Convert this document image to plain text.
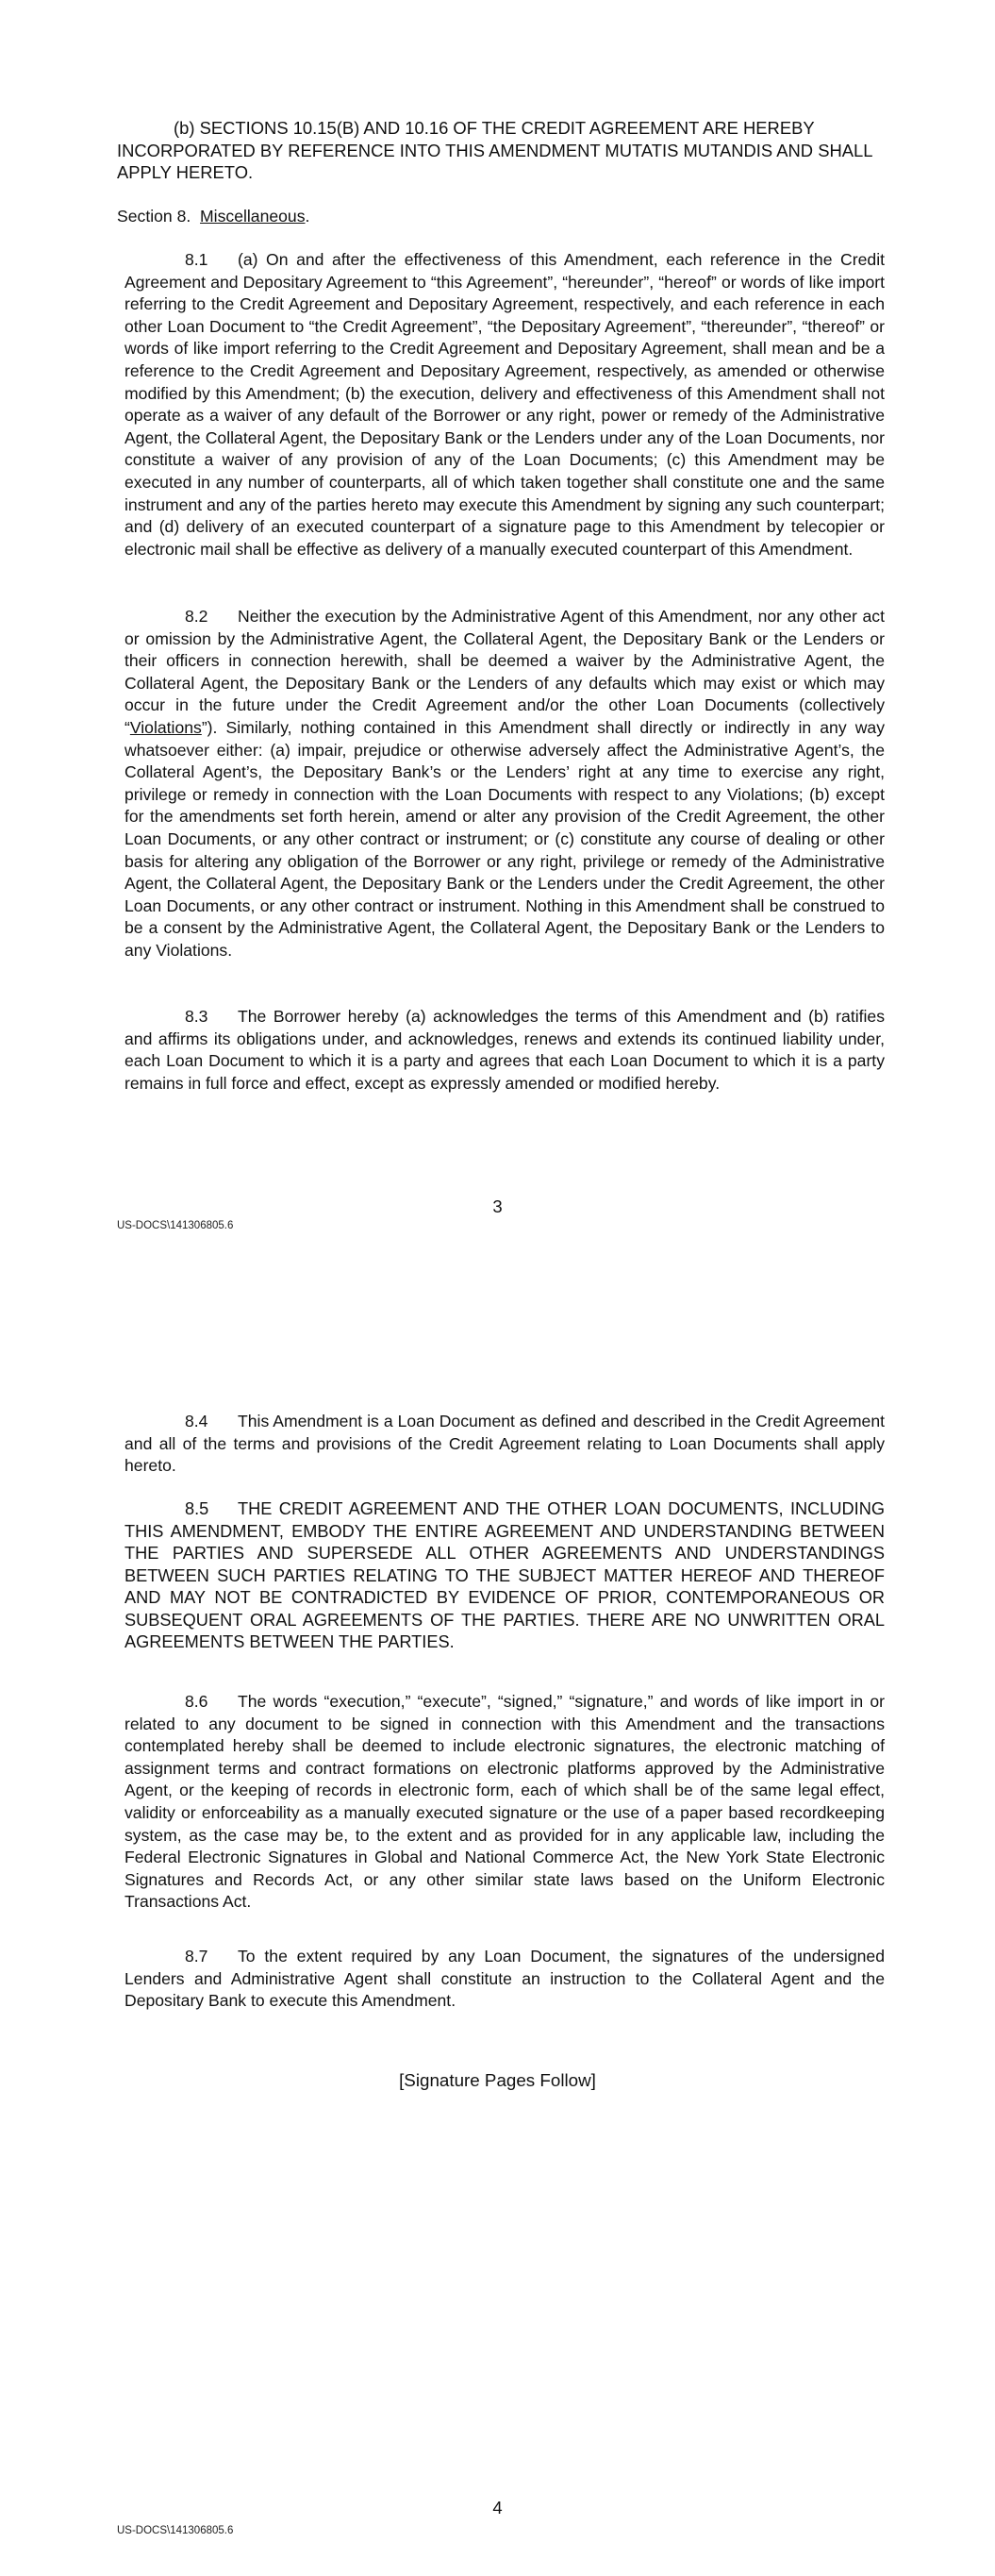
(b) SECTIONS 10.15(B) AND 10.16 OF THE CREDIT AGREEMENT ARE HEREBY INCORPORATED BY REFERENCE INTO THIS AMENDMENT MUTATIS MUTANDIS AND SHALL APPLY HERETO.

Section 8. Miscellaneous.

8.1 (a) On and after the effectiveness of this Amendment, each reference in the Credit Agreement and Depositary Agreement to “this Agreement”, “hereunder”, “hereof” or words of like import referring to the Credit Agreement and Depositary Agreement, respectively, and each reference in each other Loan Document to “the Credit Agreement”, “the Depositary Agreement”, “thereunder”, “thereof” or words of like import referring to the Credit Agreement and Depositary Agreement, shall mean and be a reference to the Credit Agreement and Depositary Agreement, respectively, as amended or otherwise modified by this Amendment; (b) the execution, delivery and effectiveness of this Amendment shall not operate as a waiver of any default of the Borrower or any right, power or remedy of the Administrative Agent, the Collateral Agent, the Depositary Bank or the Lenders under any of the Loan Documents, nor constitute a waiver of any provision of any of the Loan Documents; (c) this Amendment may be executed in any number of counterparts, all of which taken together shall constitute one and the same instrument and any of the parties hereto may execute this Amendment by signing any such counterpart; and (d) delivery of an executed counterpart of a signature page to this Amendment by telecopier or electronic mail shall be effective as delivery of a manually executed counterpart of this Amendment.

8.2 Neither the execution by the Administrative Agent of this Amendment, nor any other act or omission by the Administrative Agent, the Collateral Agent, the Depositary Bank or the Lenders or their officers in connection herewith, shall be deemed a waiver by the Administrative Agent, the Collateral Agent, the Depositary Bank or the Lenders of any defaults which may exist or which may occur in the future under the Credit Agreement and/or the other Loan Documents (collectively “Violations”). Similarly, nothing contained in this Amendment shall directly or indirectly in any way whatsoever either: (a) impair, prejudice or otherwise adversely affect the Administrative Agent’s, the Collateral Agent’s, the Depositary Bank’s or the Lenders’ right at any time to exercise any right, privilege or remedy in connection with the Loan Documents with respect to any Violations; (b) except for the amendments set forth herein, amend or alter any provision of the Credit Agreement, the other Loan Documents, or any other contract or instrument; or (c) constitute any course of dealing or other basis for altering any obligation of the Borrower or any right, privilege or remedy of the Administrative Agent, the Collateral Agent, the Depositary Bank or the Lenders under the Credit Agreement, the other Loan Documents, or any other contract or instrument. Nothing in this Amendment shall be construed to be a consent by the Administrative Agent, the Collateral Agent, the Depositary Bank or the Lenders to any Violations.

8.3 The Borrower hereby (a) acknowledges the terms of this Amendment and (b) ratifies and affirms its obligations under, and acknowledges, renews and extends its continued liability under, each Loan Document to which it is a party and agrees that each Loan Document to which it is a party remains in full force and effect, except as expressly amended or modified hereby.

3

US-DOCS\141306805.6

8.4 This Amendment is a Loan Document as defined and described in the Credit Agreement and all of the terms and provisions of the Credit Agreement relating to Loan Documents shall apply hereto.

8.5 THE CREDIT AGREEMENT AND THE OTHER LOAN DOCUMENTS, INCLUDING THIS AMENDMENT, EMBODY THE ENTIRE AGREEMENT AND UNDERSTANDING BETWEEN THE PARTIES AND SUPERSEDE ALL OTHER AGREEMENTS AND UNDERSTANDINGS BETWEEN SUCH PARTIES RELATING TO THE SUBJECT MATTER HEREOF AND THEREOF AND MAY NOT BE CONTRADICTED BY EVIDENCE OF PRIOR, CONTEMPORANEOUS OR SUBSEQUENT ORAL AGREEMENTS OF THE PARTIES. THERE ARE NO UNWRITTEN ORAL AGREEMENTS BETWEEN THE PARTIES.

8.6 The words “execution,” “execute”, “signed,” “signature,” and words of like import in or related to any document to be signed in connection with this Amendment and the transactions contemplated hereby shall be deemed to include electronic signatures, the electronic matching of assignment terms and contract formations on electronic platforms approved by the Administrative Agent, or the keeping of records in electronic form, each of which shall be of the same legal effect, validity or enforceability as a manually executed signature or the use of a paper based recordkeeping system, as the case may be, to the extent and as provided for in any applicable law, including the Federal Electronic Signatures in Global and National Commerce Act, the New York State Electronic Signatures and Records Act, or any other similar state laws based on the Uniform Electronic Transactions Act.

8.7 To the extent required by any Loan Document, the signatures of the undersigned Lenders and Administrative Agent shall constitute an instruction to the Collateral Agent and the Depositary Bank to execute this Amendment.

[Signature Pages Follow]

4

US-DOCS\141306805.6
